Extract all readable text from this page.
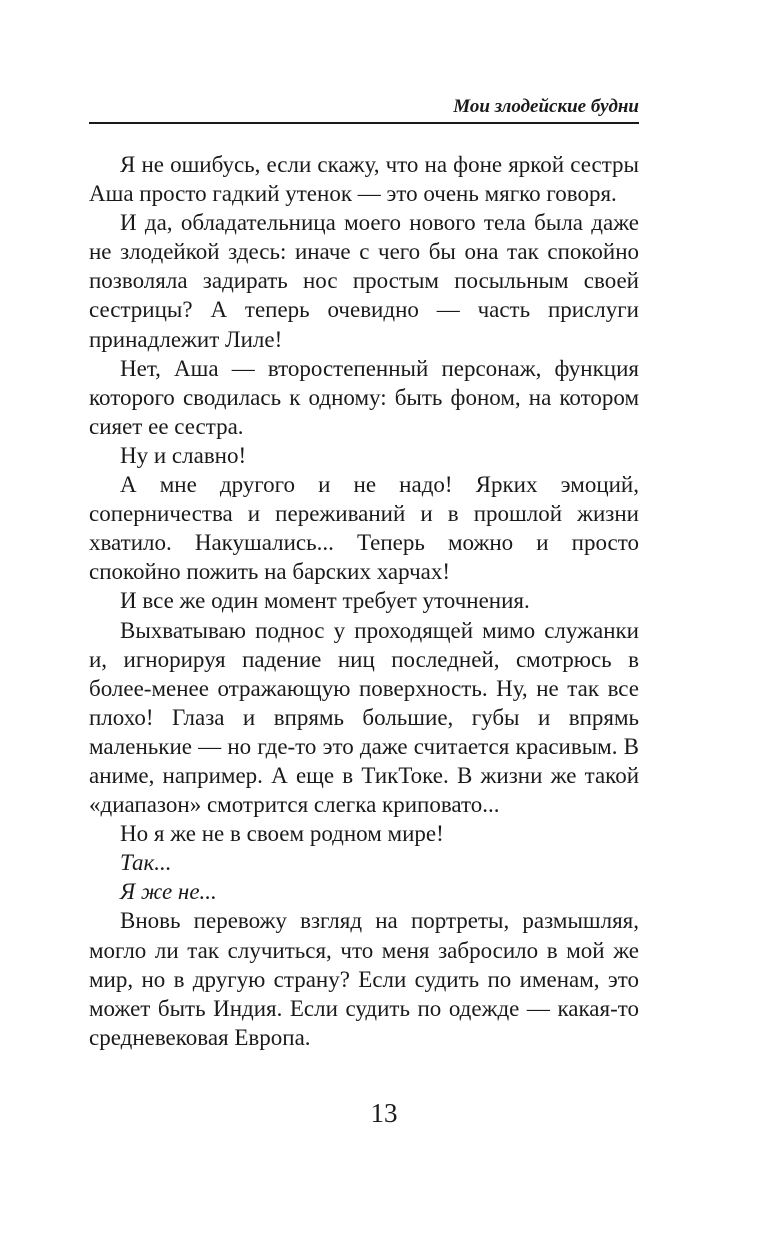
Мои злодейские будни

Я не ошибусь, если скажу, что на фоне яркой сестры Аша просто гадкий утенок — это очень мягко говоря.

И да, обладательница моего нового тела была даже не злодейкой здесь: иначе с чего бы она так спокойно позволяла задирать нос простым посыльным своей сестрицы? А теперь очевидно — часть прислуги принадлежит Лиле!

Нет, Аша — второстепенный персонаж, функция которого сводилась к одному: быть фоном, на котором сияет ее сестра.

Ну и славно!

А мне другого и не надо! Ярких эмоций, соперничества и переживаний и в прошлой жизни хватило. Накушались... Теперь можно и просто спокойно пожить на барских харчах!

И все же один момент требует уточнения.

Выхватываю поднос у проходящей мимо служанки и, игнорируя падение ниц последней, смотрюсь в более-менее отражающую поверхность. Ну, не так все плохо! Глаза и впрямь большие, губы и впрямь маленькие — но где-то это даже считается красивым. В аниме, например. А еще в ТикТоке. В жизни же такой «диапазон» смотрится слегка криповато...

Но я же не в своем родном мире!

Так...

Я же не...

Вновь перевожу взгляд на портреты, размышляя, могло ли так случиться, что меня забросило в мой же мир, но в другую страну? Если судить по именам, это может быть Индия. Если судить по одежде — какая-то средневековая Европа.

13
